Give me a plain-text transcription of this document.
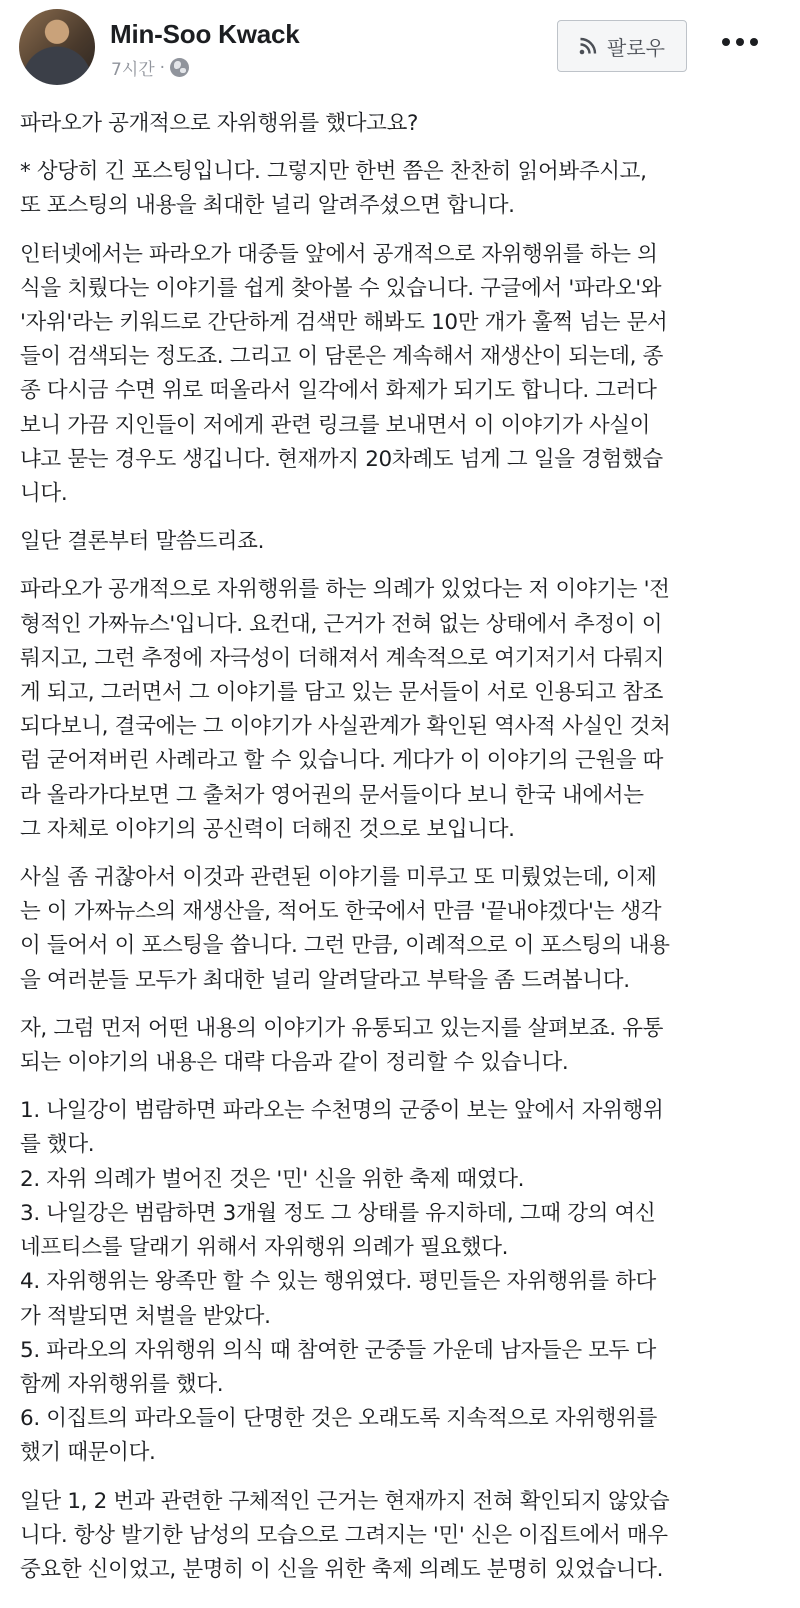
Min-Soo Kwack
7시간 ·
팔로우

파라오가 공개적으로 자위행위를 했다고요?

* 상당히 긴 포스팅입니다. 그렇지만 한번 쯤은 찬찬히 읽어봐주시고,
또 포스팅의 내용을 최대한 널리 알려주셨으면 합니다.

인터넷에서는 파라오가 대중들 앞에서 공개적으로 자위행위를 하는 의
식을 치뤘다는 이야기를 쉽게 찾아볼 수 있습니다. 구글에서 '파라오'와
'자위'라는 키워드로 간단하게 검색만 해봐도 10만 개가 훌쩍 넘는 문서
들이 검색되는 정도죠. 그리고 이 담론은 계속해서 재생산이 되는데, 종
종 다시금 수면 위로 떠올라서 일각에서 화제가 되기도 합니다. 그러다
보니 가끔 지인들이 저에게 관련 링크를 보내면서 이 이야기가 사실이
냐고 묻는 경우도 생깁니다. 현재까지 20차례도 넘게 그 일을 경험했습
니다.

일단 결론부터 말씀드리죠.

파라오가 공개적으로 자위행위를 하는 의례가 있었다는 저 이야기는 '전
형적인 가짜뉴스'입니다. 요컨대, 근거가 전혀 없는 상태에서 추정이 이
뤄지고, 그런 추정에 자극성이 더해져서 계속적으로 여기저기서 다뤄지
게 되고, 그러면서 그 이야기를 담고 있는 문서들이 서로 인용되고 참조
되다보니, 결국에는 그 이야기가 사실관계가 확인된 역사적 사실인 것처
럼 굳어져버린 사례라고 할 수 있습니다. 게다가 이 이야기의 근원을 따
라 올라가다보면 그 출처가 영어권의 문서들이다 보니 한국 내에서는
그 자체로 이야기의 공신력이 더해진 것으로 보입니다.

사실 좀 귀찮아서 이것과 관련된 이야기를 미루고 또 미뤘었는데, 이제
는 이 가짜뉴스의 재생산을, 적어도 한국에서 만큼 '끝내야겠다'는 생각
이 들어서 이 포스팅을 씁니다. 그런 만큼, 이례적으로 이 포스팅의 내용
을 여러분들 모두가 최대한 널리 알려달라고 부탁을 좀 드려봅니다.

자, 그럼 먼저 어떤 내용의 이야기가 유통되고 있는지를 살펴보죠. 유통
되는 이야기의 내용은 대략 다음과 같이 정리할 수 있습니다.

1. 나일강이 범람하면 파라오는 수천명의 군중이 보는 앞에서 자위행위
를 했다.
2. 자위 의례가 벌어진 것은 '민' 신을 위한 축제 때였다.
3. 나일강은 범람하면 3개월 정도 그 상태를 유지하데, 그때 강의 여신
네프티스를 달래기 위해서 자위행위 의례가 필요했다.
4. 자위행위는 왕족만 할 수 있는 행위였다. 평민들은 자위행위를 하다
가 적발되면 처벌을 받았다.
5. 파라오의 자위행위 의식 때 참여한 군중들 가운데 남자들은 모두 다
함께 자위행위를 했다.
6. 이집트의 파라오들이 단명한 것은 오래도록 지속적으로 자위행위를
했기 때문이다.

일단 1, 2 번과 관련한 구체적인 근거는 현재까지 전혀 확인되지 않았습
니다. 항상 발기한 남성의 모습으로 그려지는 '민' 신은 이집트에서 매우
중요한 신이었고, 분명히 이 신을 위한 축제 의례도 분명히 있었습니다.
